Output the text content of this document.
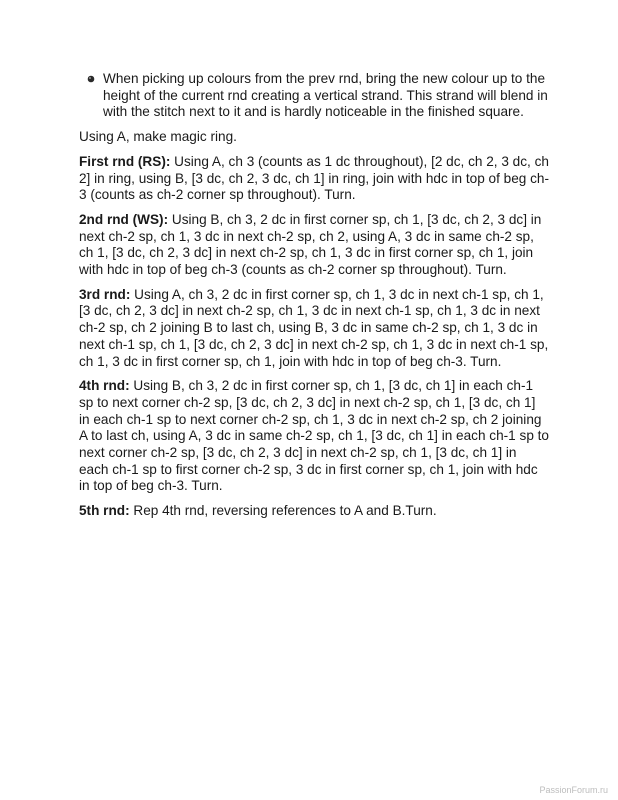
When picking up colours from the prev rnd, bring the new colour up to the height of the current rnd creating a vertical strand. This strand will blend in with the stitch next to it and is hardly noticeable in the finished square.

Using A, make magic ring.

First rnd (RS): Using A, ch 3 (counts as 1 dc throughout), [2 dc, ch 2, 3 dc, ch 2] in ring, using B, [3 dc, ch 2, 3 dc, ch 1] in ring, join with hdc in top of beg ch-3 (counts as ch-2 corner sp throughout). Turn.

2nd rnd (WS): Using B, ch 3, 2 dc in first corner sp, ch 1, [3 dc, ch 2, 3 dc] in next ch-2 sp, ch 1, 3 dc in next ch-2 sp, ch 2, using A, 3 dc in same ch-2 sp, ch 1, [3 dc, ch 2, 3 dc] in next ch-2 sp, ch 1, 3 dc in first corner sp, ch 1, join with hdc in top of beg ch-3 (counts as ch-2 corner sp throughout). Turn.

3rd rnd: Using A, ch 3, 2 dc in first corner sp, ch 1, 3 dc in next ch-1 sp, ch 1, [3 dc, ch 2, 3 dc] in next ch-2 sp, ch 1, 3 dc in next ch-1 sp, ch 1, 3 dc in next ch-2 sp, ch 2 joining B to last ch, using B, 3 dc in same ch-2 sp, ch 1, 3 dc in next ch-1 sp, ch 1, [3 dc, ch 2, 3 dc] in next ch-2 sp, ch 1, 3 dc in next ch-1 sp, ch 1, 3 dc in first corner sp, ch 1, join with hdc in top of beg ch-3. Turn.

4th rnd: Using B, ch 3, 2 dc in first corner sp, ch 1, [3 dc, ch 1] in each ch-1 sp to next corner ch-2 sp, [3 dc, ch 2, 3 dc] in next ch-2 sp, ch 1, [3 dc, ch 1] in each ch-1 sp to next corner ch-2 sp, ch 1, 3 dc in next ch-2 sp, ch 2 joining A to last ch, using A, 3 dc in same ch-2 sp, ch 1, [3 dc, ch 1] in each ch-1 sp to next corner ch-2 sp, [3 dc, ch 2, 3 dc] in next ch-2 sp, ch 1, [3 dc, ch 1] in each ch-1 sp to first corner ch-2 sp, 3 dc in first corner sp, ch 1, join with hdc in top of beg ch-3. Turn.

5th rnd: Rep 4th rnd, reversing references to A and B.Turn.

PassionForum.ru
